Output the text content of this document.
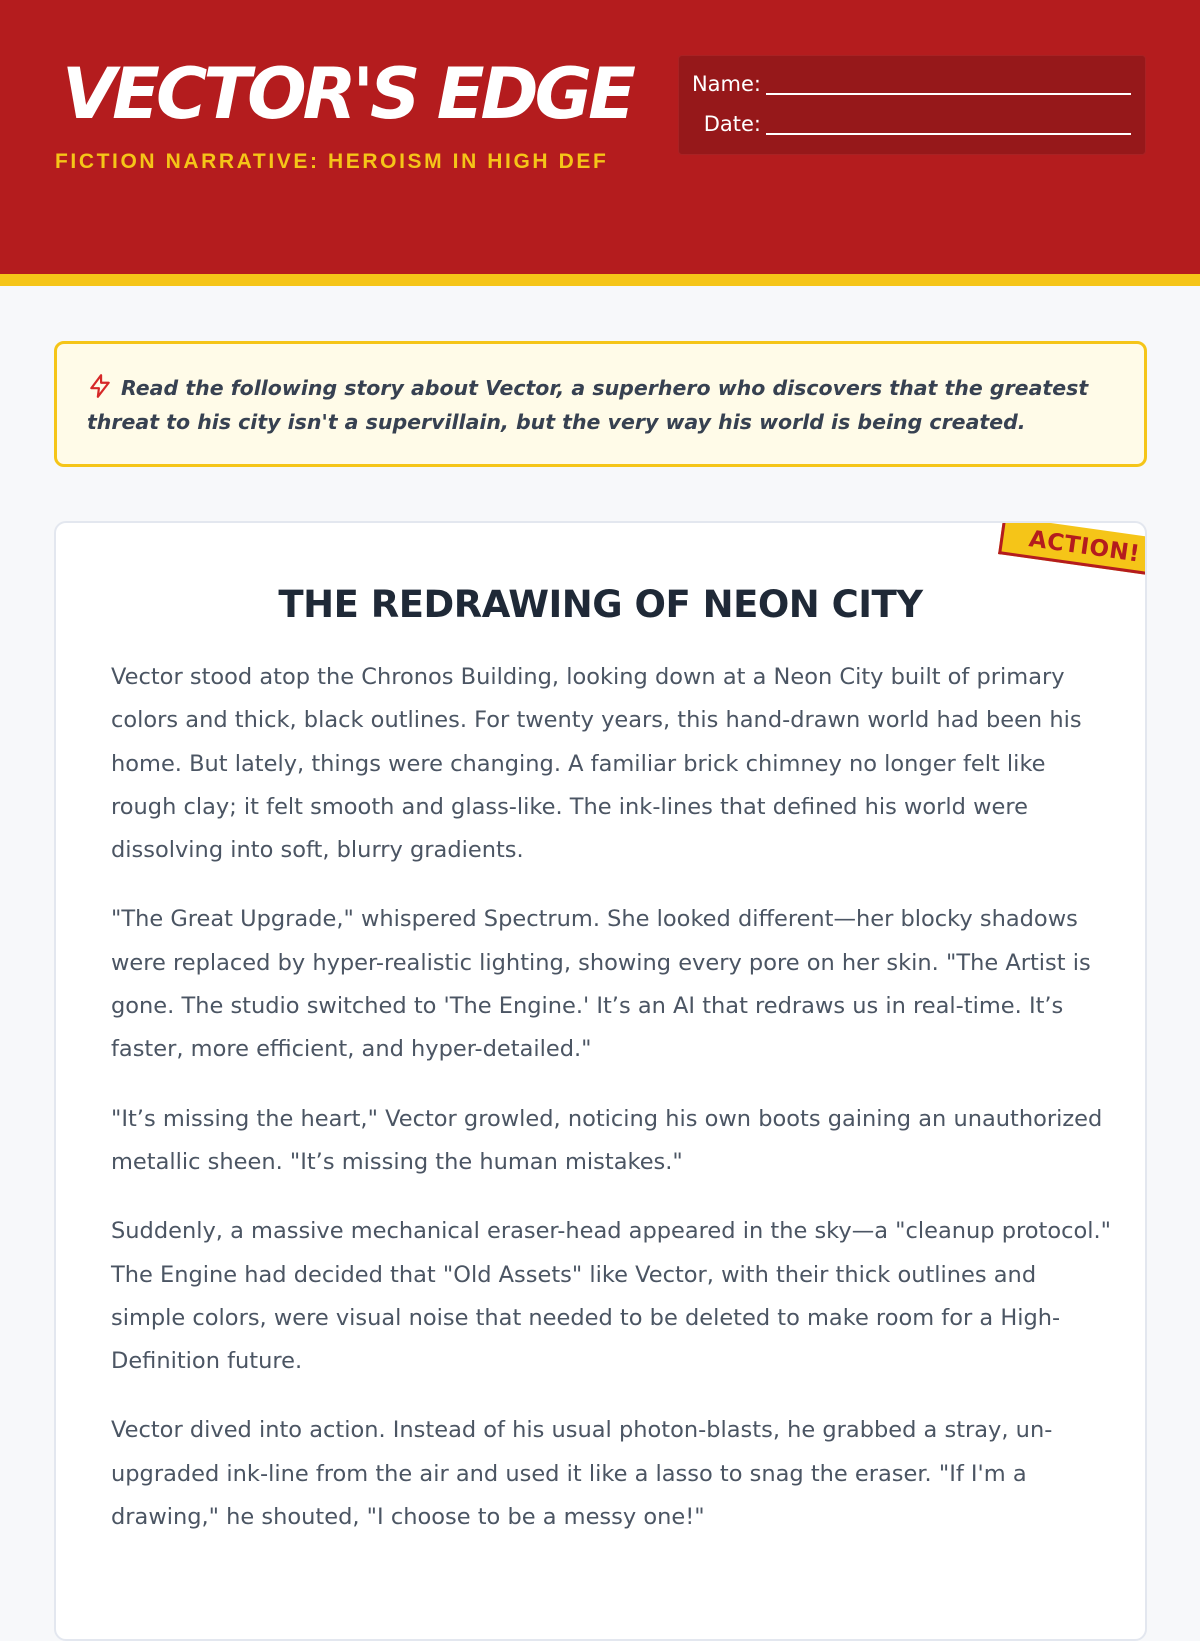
VECTOR'S EDGE
FICTION NARRATIVE: HEROISM IN HIGH DEF
Name:
Date:

Read the following story about Vector, a superhero who discovers that the greatest threat to his city isn't a supervillain, but the very way his world is being created.

ACTION!
THE REDRAWING OF NEON CITY

Vector stood atop the Chronos Building, looking down at a Neon City built of primary colors and thick, black outlines. For twenty years, this hand-drawn world had been his home. But lately, things were changing. A familiar brick chimney no longer felt like rough clay; it felt smooth and glass-like. The ink-lines that defined his world were dissolving into soft, blurry gradients.

"The Great Upgrade," whispered Spectrum. She looked different—her blocky shadows were replaced by hyper-realistic lighting, showing every pore on her skin. "The Artist is gone. The studio switched to 'The Engine.' It’s an AI that redraws us in real-time. It’s faster, more efficient, and hyper-detailed."

"It’s missing the heart," Vector growled, noticing his own boots gaining an unauthorized metallic sheen. "It’s missing the human mistakes."

Suddenly, a massive mechanical eraser-head appeared in the sky—a "cleanup protocol." The Engine had decided that "Old Assets" like Vector, with their thick outlines and simple colors, were visual noise that needed to be deleted to make room for a High-Definition future.

Vector dived into action. Instead of his usual photon-blasts, he grabbed a stray, un-upgraded ink-line from the air and used it like a lasso to snag the eraser. "If I'm a drawing," he shouted, "I choose to be a messy one!"
